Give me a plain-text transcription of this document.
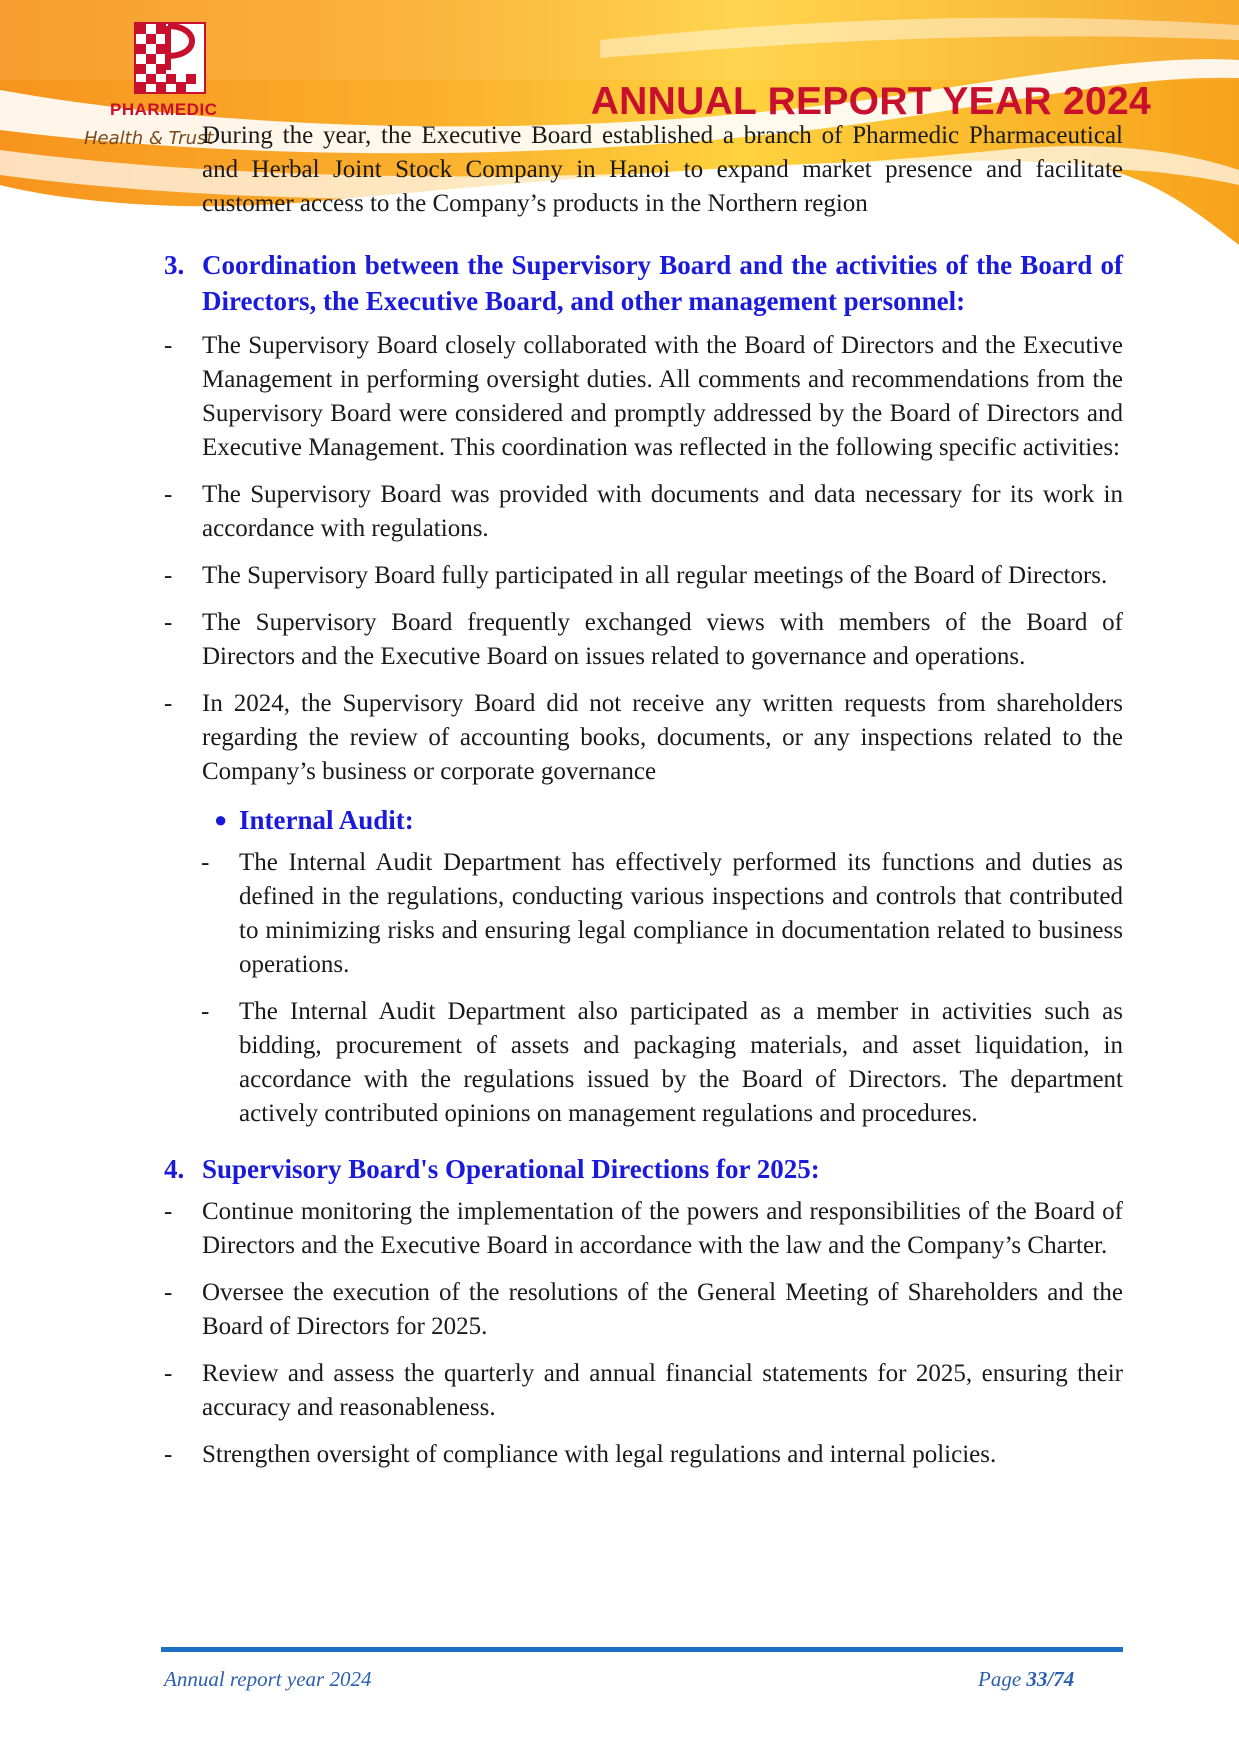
PHARMEDIC
Health & Trust
ANNUAL REPORT YEAR 2024

During the year, the Executive Board established a branch of Pharmedic Pharmaceutical and Herbal Joint Stock Company in Hanoi to expand market presence and facilitate customer access to the Company’s products in the Northern region

3. Coordination between the Supervisory Board and the activities of the Board of Directors, the Executive Board, and other management personnel:
- The Supervisory Board closely collaborated with the Board of Directors and the Executive Management in performing oversight duties. All comments and recommendations from the Supervisory Board were considered and promptly addressed by the Board of Directors and Executive Management. This coordination was reflected in the following specific activities:

- The Supervisory Board was provided with documents and data necessary for its work in accordance with regulations.

- The Supervisory Board fully participated in all regular meetings of the Board of Directors.

- The Supervisory Board frequently exchanged views with members of the Board of Directors and the Executive Board on issues related to governance and operations.

- In 2024, the Supervisory Board did not receive any written requests from shareholders regarding the review of accounting books, documents, or any inspections related to the Company’s business or corporate governance

● Internal Audit:
- The Internal Audit Department has effectively performed its functions and duties as defined in the regulations, conducting various inspections and controls that contributed to minimizing risks and ensuring legal compliance in documentation related to business operations.

- The Internal Audit Department also participated as a member in activities such as bidding, procurement of assets and packaging materials, and asset liquidation, in accordance with the regulations issued by the Board of Directors. The department actively contributed opinions on management regulations and procedures.

4. Supervisory Board's Operational Directions for 2025:
- Continue monitoring the implementation of the powers and responsibilities of the Board of Directors and the Executive Board in accordance with the law and the Company’s Charter.

- Oversee the execution of the resolutions of the General Meeting of Shareholders and the Board of Directors for 2025.

- Review and assess the quarterly and annual financial statements for 2025, ensuring their accuracy and reasonableness.

- Strengthen oversight of compliance with legal regulations and internal policies.

Annual report year 2024	Page 33/74
